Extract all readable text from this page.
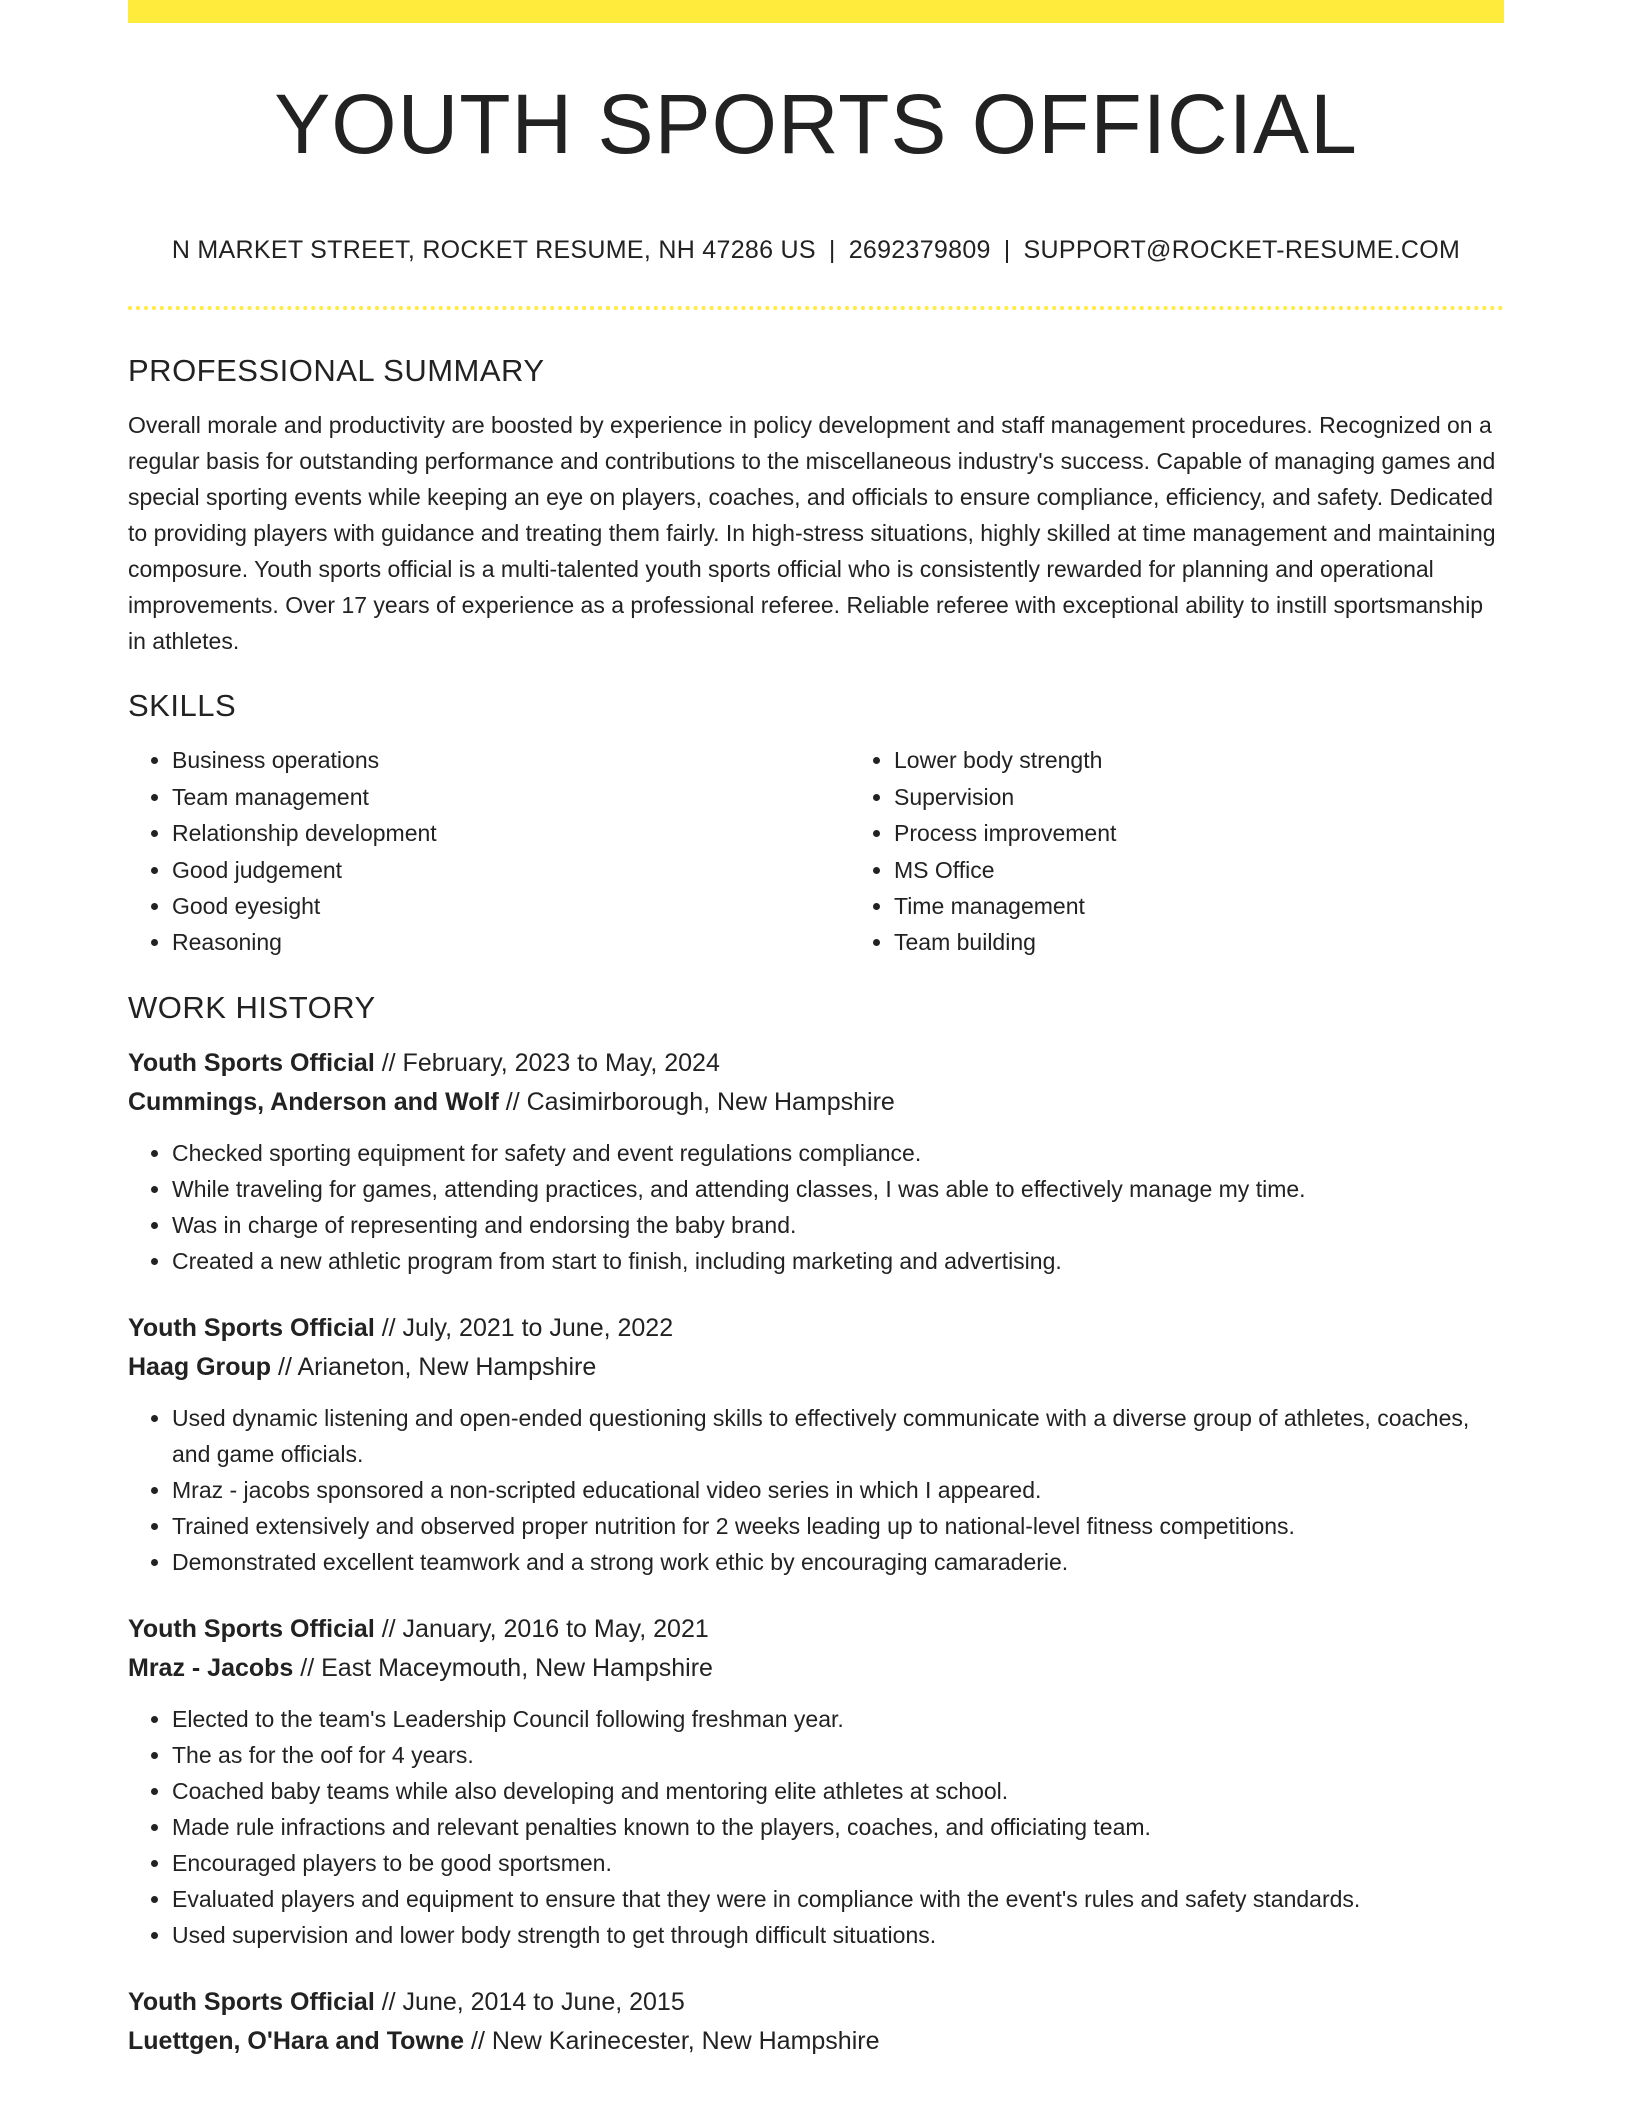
YOUTH SPORTS OFFICIAL
N MARKET STREET, ROCKET RESUME, NH 47286 US | 2692379809 | SUPPORT@ROCKET-RESUME.COM
PROFESSIONAL SUMMARY

Overall morale and productivity are boosted by experience in policy development and staff management procedures. Recognized on a regular basis for outstanding performance and contributions to the miscellaneous industry's success. Capable of managing games and special sporting events while keeping an eye on players, coaches, and officials to ensure compliance, efficiency, and safety. Dedicated to providing players with guidance and treating them fairly. In high-stress situations, highly skilled at time management and maintaining composure. Youth sports official is a multi-talented youth sports official who is consistently rewarded for planning and operational improvements. Over 17 years of experience as a professional referee. Reliable referee with exceptional ability to instill sportsmanship in athletes.

SKILLS
• Business operations
• Team management
• Relationship development
• Good judgement
• Good eyesight
• Reasoning
• Lower body strength
• Supervision
• Process improvement
• MS Office
• Time management
• Team building
WORK HISTORY
Youth Sports Official // February, 2023 to May, 2024
Cummings, Anderson and Wolf // Casimirborough, New Hampshire
• Checked sporting equipment for safety and event regulations compliance.
• While traveling for games, attending practices, and attending classes, I was able to effectively manage my time.
• Was in charge of representing and endorsing the baby brand.
• Created a new athletic program from start to finish, including marketing and advertising.
Youth Sports Official // July, 2021 to June, 2022
Haag Group // Arianeton, New Hampshire
• Used dynamic listening and open-ended questioning skills to effectively communicate with a diverse group of athletes, coaches, and game officials.
• Mraz - jacobs sponsored a non-scripted educational video series in which I appeared.
• Trained extensively and observed proper nutrition for 2 weeks leading up to national-level fitness competitions.
• Demonstrated excellent teamwork and a strong work ethic by encouraging camaraderie.
Youth Sports Official // January, 2016 to May, 2021
Mraz - Jacobs // East Maceymouth, New Hampshire
• Elected to the team's Leadership Council following freshman year.
• The as for the oof for 4 years.
• Coached baby teams while also developing and mentoring elite athletes at school.
• Made rule infractions and relevant penalties known to the players, coaches, and officiating team.
• Encouraged players to be good sportsmen.
• Evaluated players and equipment to ensure that they were in compliance with the event's rules and safety standards.
• Used supervision and lower body strength to get through difficult situations.
Youth Sports Official // June, 2014 to June, 2015
Luettgen, O'Hara and Towne // New Karinecester, New Hampshire
